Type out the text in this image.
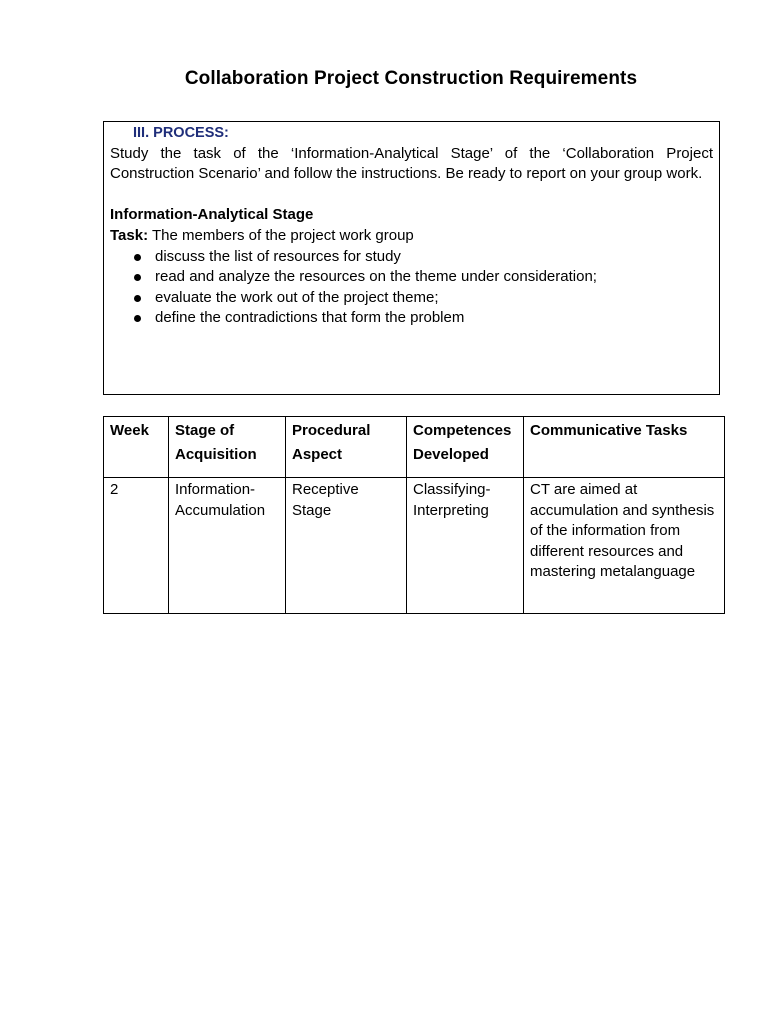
Collaboration Project Construction Requirements
III. PROCESS:
Study the task of the ‘Information-Analytical Stage’ of the ‘Collaboration Project Construction Scenario’ and follow the instructions. Be ready to report on your group work.
Information-Analytical Stage
Task: The members of the project work group
discuss the list of resources for study
read and analyze the resources on the theme under consideration;
evaluate the work out of the project theme;
define the contradictions that form the problem
Week	Stage of Acquisition	Procedural Aspect	Competences Developed	Communicative Tasks
2	Information-Accumulation	Receptive Stage	Classifying-Interpreting	CT are aimed at accumulation and synthesis of the information from different resources and mastering metalanguage
